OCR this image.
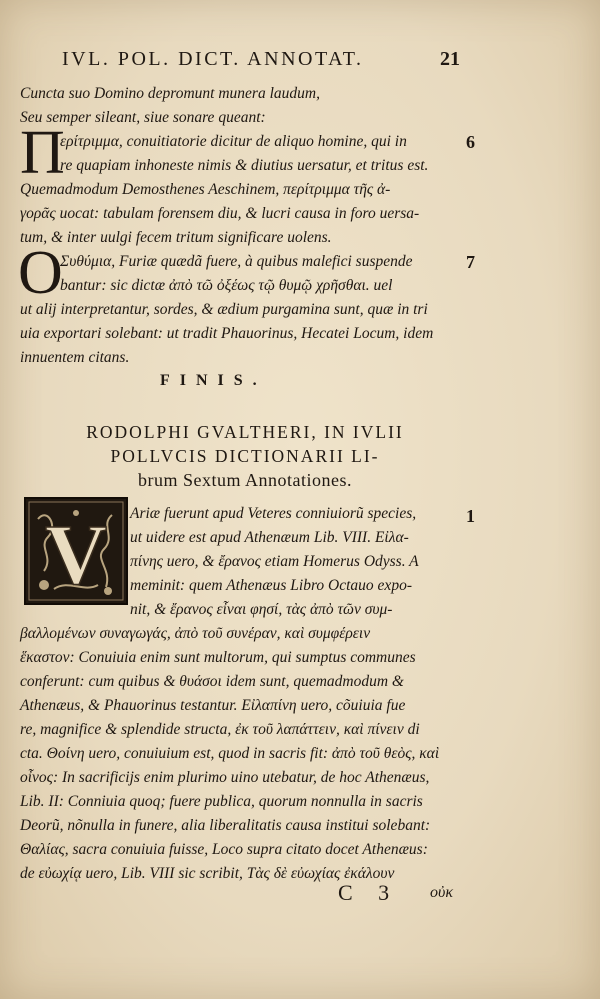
IVL. POL. DICT. ANNOTAT.	21
Cuncta suo Domino depromunt munera laudum,
Seu semper sileant, siue sonare queant:
ερίτριμμα, conuitiatorie dicitur de aliquo homine, qui in
re quapiam inhoneste nimis & diutius uersatur, et tritus est.
Quemadmodum Demosthenes Aeschinem, περίτριμμα τῆς ἀ-
γορᾶς uocat: tabulam forensem diu, & lucri causa in foro uersa-
tum, & inter uulgi fecem tritum significare uolens.
Συθύμια, Furiæ quædã fuere, à quibus malefici suspende
bantur: sic dictæ ἀπὸ τῶ ὀξέως τῷ θυμῷ χρῆσθαι. uel
ut alij interpretantur, sordes, & ædium purgamina sunt, quæ in tri
uia exportari solebant: ut tradit Phauorinus, Hecatei Locum, idem
innuentem citans.
Π
O
6
7
FINIS.
RODOLPHI GVALTHERI, IN IVLII
POLLVCIS DICTIONARII LI-
brum Sextum Annotationes.
V Ariæ fuerunt apud Veteres conniuiorũ species,
ut uidere est apud Athenæum Lib. VIII. Εἰλα-
πίνης uero, & ἔρανος etiam Homerus Odyss. A
meminit: quem Athenæus Libro Octauo expo-
nit, & ἔρανος εἶναι φησί, τὰς ἀπὸ τῶν συμ-
1
βαλλομένων συναγωγάς, ἀπὸ τοῦ συνέραν, καὶ συμφέρειν
ἕκαστον: Conuiuia enim sunt multorum, qui sumptus communes
conferunt: cum quibus & θυάσοι idem sunt, quemadmodum &
Athenæus, & Phauorinus testantur. Εἰλαπίνη uero, cõuiuia fue
re, magnifice & splendide structa, ἐκ τοῦ λαπάττειν, καὶ πίνειν di
cta. Θοίνη uero, conuiuium est, quod in sacris fit: ἀπὸ τοῦ θεὸς, καὶ
οἶνος: In sacrificijs enim plurimo uino utebatur, de hoc Athenæus,
Lib. II: Conniuia quoq; fuere publica, quorum nonnulla in sacris
Deorũ, nõnulla in funere, alia liberalitatis causa institui solebant:
Θαλίας, sacra conuiuia fuisse, Loco supra citato docet Athenæus:
de εὐωχίᾳ uero, Lib. VIII sic scribit, Τὰς δὲ εὐωχίας ἐκάλουν
C 3 οὐκ
